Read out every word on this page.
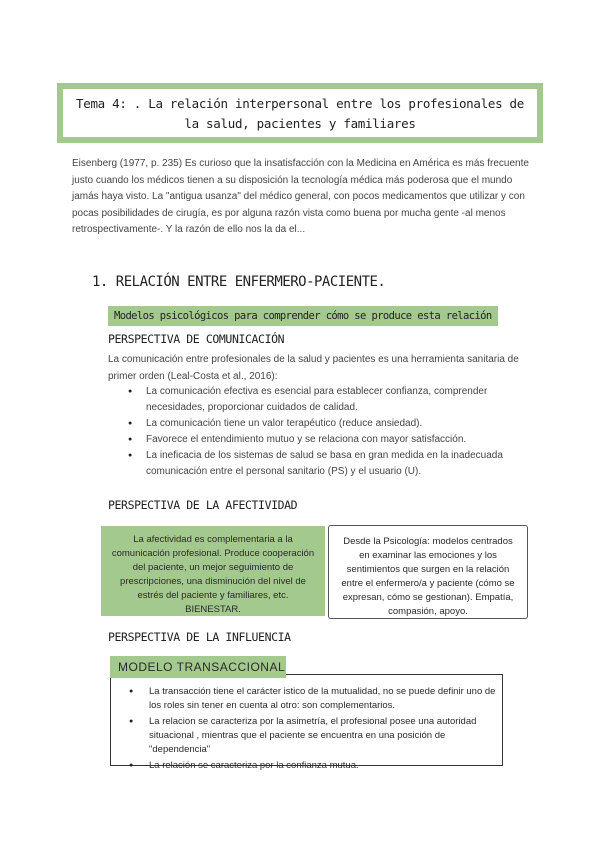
Tema 4: . La relación interpersonal entre los profesionales de la salud, pacientes y familiares
Eisenberg (1977, p. 235) Es curioso que la insatisfacción con la Medicina en América es más frecuente justo cuando los médicos tienen a su disposición la tecnología médica más poderosa que el mundo jamás haya visto. La "antigua usanza" del médico general, con pocos medicamentos que utilizar y con pocas posibilidades de cirugía, es por alguna razón vista como buena por mucha gente -al menos retrospectivamente-. Y la razón de ello nos la da el...
1. RELACIÓN ENTRE ENFERMERO-PACIENTE.
Modelos psicológicos para comprender cómo se produce esta relación
PERSPECTIVA DE COMUNICACIÓN
La comunicación entre profesionales de la salud y pacientes es una herramienta sanitaria de primer orden (Leal-Costa et al., 2016):
● La comunicación efectiva es esencial para establecer confianza, comprender necesidades, proporcionar cuidados de calidad.
● La comunicación tiene un valor terapéutico (reduce ansiedad).
● Favorece el entendimiento mutuo y se relaciona con mayor satisfacción.
● La ineficacia de los sistemas de salud se basa en gran medida en la inadecuada comunicación entre el personal sanitario (PS) y el usuario (U).
PERSPECTIVA DE LA AFECTIVIDAD
La afectividad es complementaria a la comunicación profesional. Produce cooperación del paciente, un mejor seguimiento de prescripciones, una disminución del nivel de estrés del paciente y familiares, etc. BIENESTAR.
Desde la Psicología: modelos centrados en examinar las emociones y los sentimientos que surgen en la relación entre el enfermero/a y paciente (cómo se expresan, cómo se gestionan). Empatía, compasión, apoyo.
PERSPECTIVA DE LA INFLUENCIA
● La transacción tiene el carácter istico de la mutualidad, no se puede definir uno de los roles sin tener en cuenta al otro: son complementarios.
● La relacion se caracteriza por la asimetría, el profesional posee una autoridad situacional , mientras que el paciente se encuentra en una posición de "dependencia"
● La relación se caracteriza por la confianza mutua.
MODELO TRANSACCIONAL
